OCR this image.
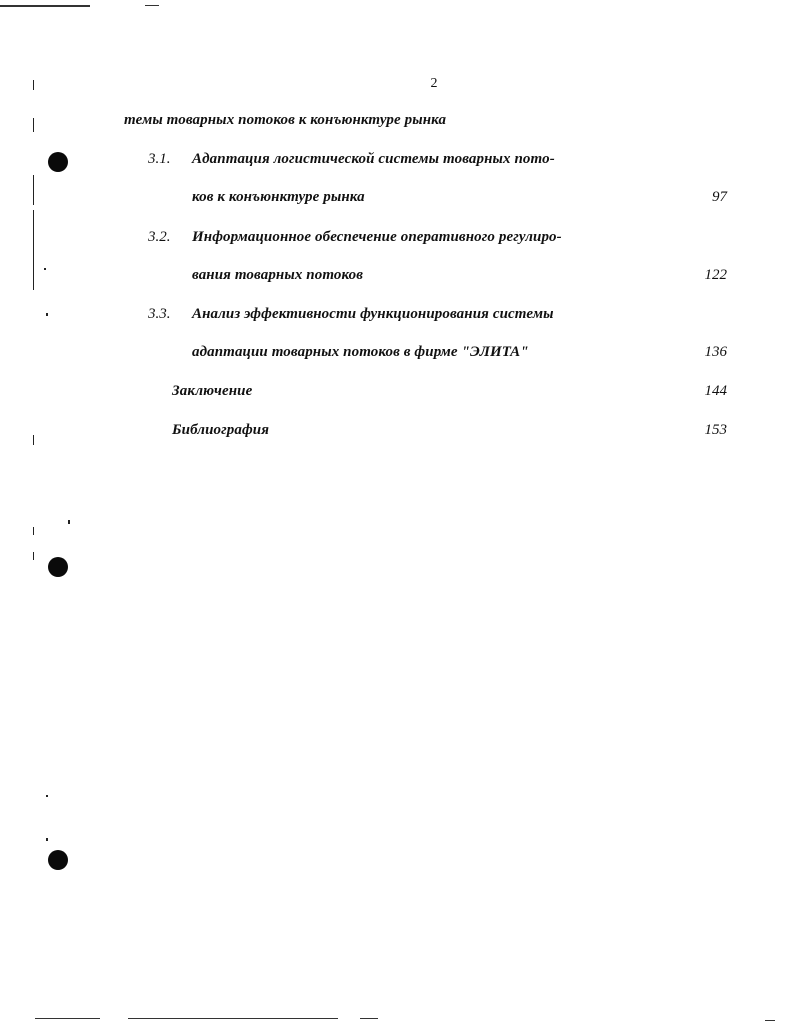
2
темы товарных потоков к конъюнктуре рынка
3.1. Адаптация логистической системы товарных пото-
ков к конъюнктуре рынка	97
3.2. Информационное обеспечение оперативного регулиро-
вания товарных потоков	122
3.3. Анализ эффективности функционирования системы
адаптации товарных потоков в фирме "ЭЛИТА"	136
Заключение	144
Библиография	153
